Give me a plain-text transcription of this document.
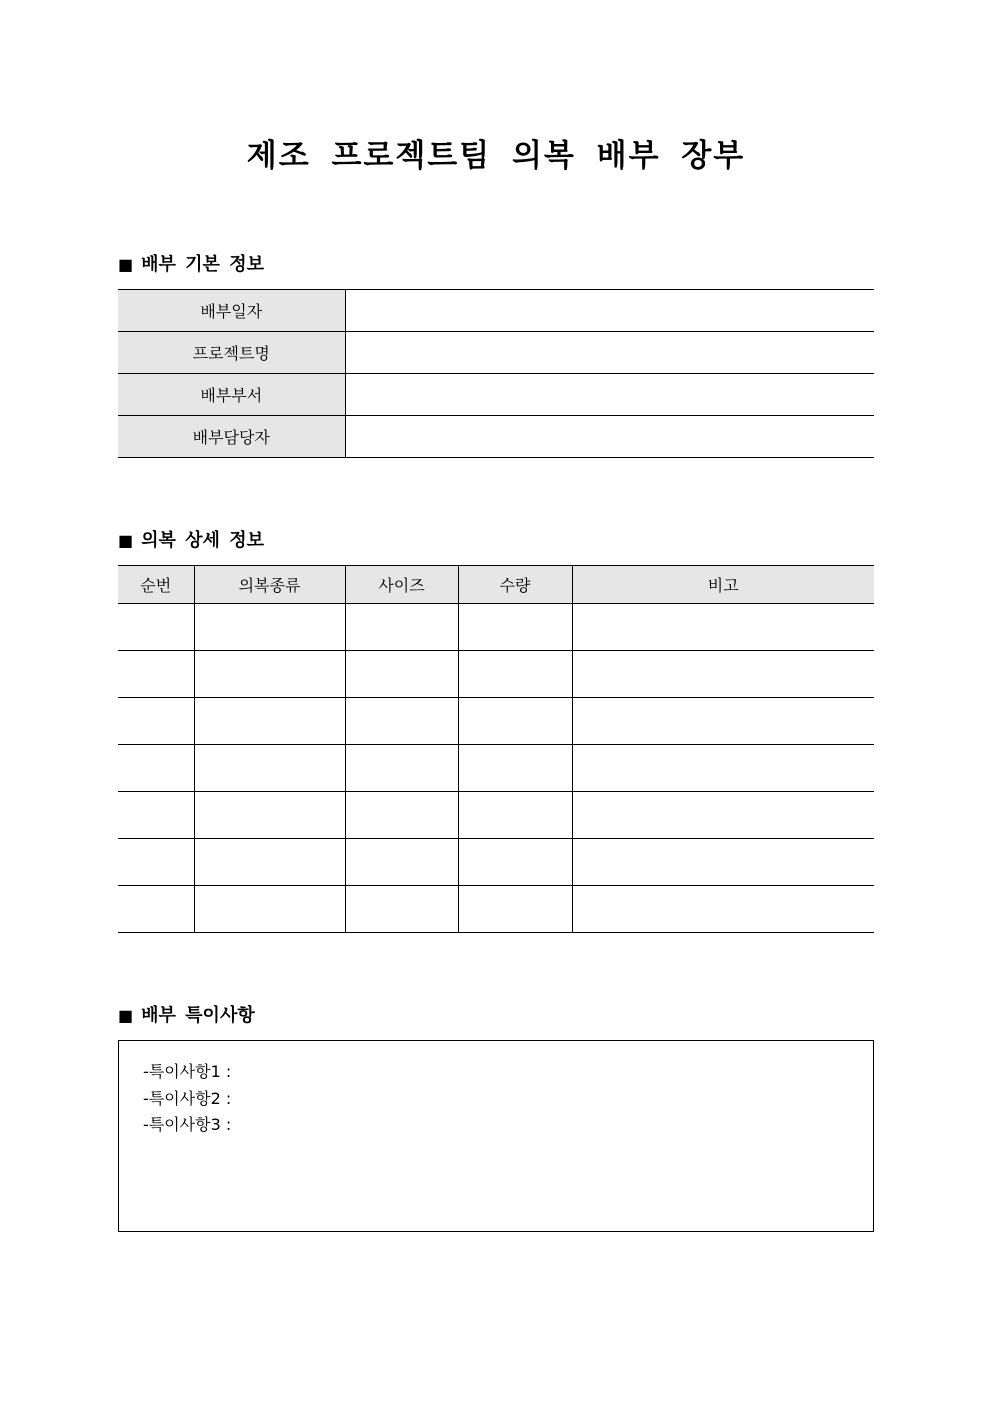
제조 프로젝트팀 의복 배부 장부
■ 배부 기본 정보
배부일자	
프로젝트명	
배부부서	
배부담당자	
■ 의복 상세 정보
순번	의복종류	사이즈	수량	비고

■ 배부 특이사항
-특이사항1 :
-특이사항2 :
-특이사항3 :
